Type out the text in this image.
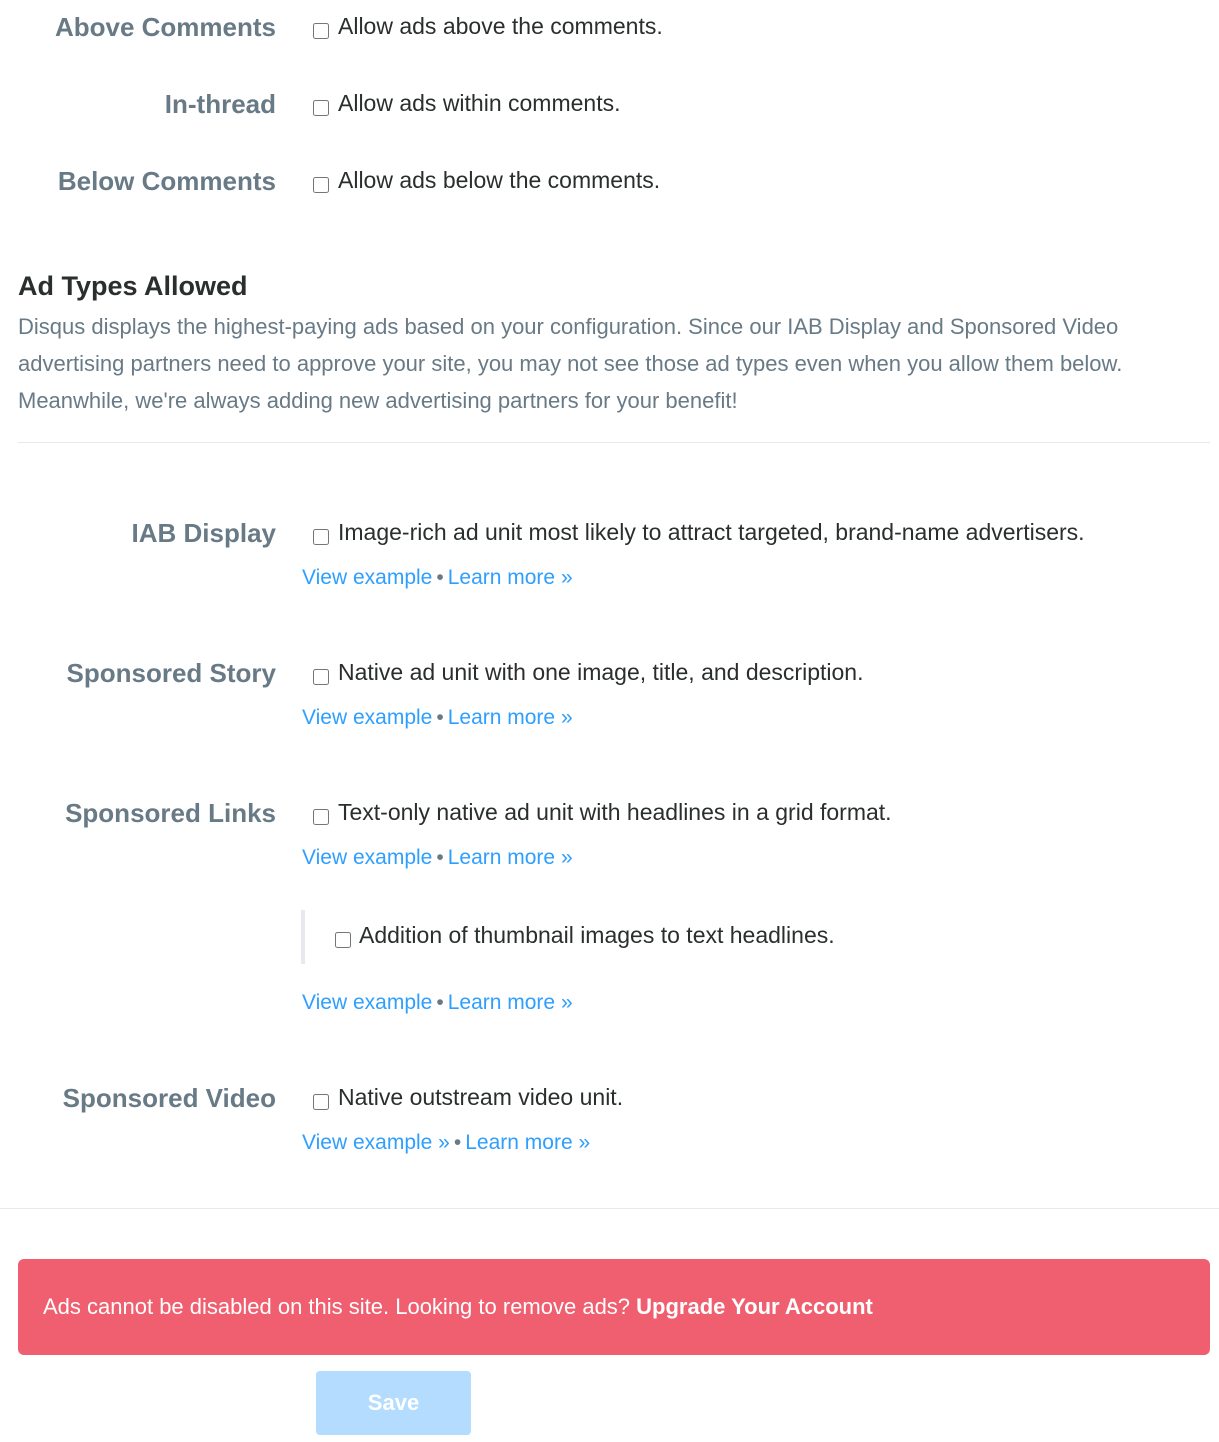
Above Comments	Allow ads above the comments.
In-thread	Allow ads within comments.
Below Comments	Allow ads below the comments.
Ad Types Allowed

Disqus displays the highest-paying ads based on your configuration. Since our IAB Display and Sponsored Video advertising partners need to approve your site, you may not see those ad types even when you allow them below. Meanwhile, we're always adding new advertising partners for your benefit!

IAB Display	Image-rich ad unit most likely to attract targeted, brand-name advertisers.
View example • Learn more »
Sponsored Story	Native ad unit with one image, title, and description.
View example • Learn more »
Sponsored Links	Text-only native ad unit with headlines in a grid format.
View example • Learn more »
Addition of thumbnail images to text headlines.
View example • Learn more »
Sponsored Video	Native outstream video unit.
View example » • Learn more »
Ads cannot be disabled on this site. Looking to remove ads? Upgrade Your Account
Save
